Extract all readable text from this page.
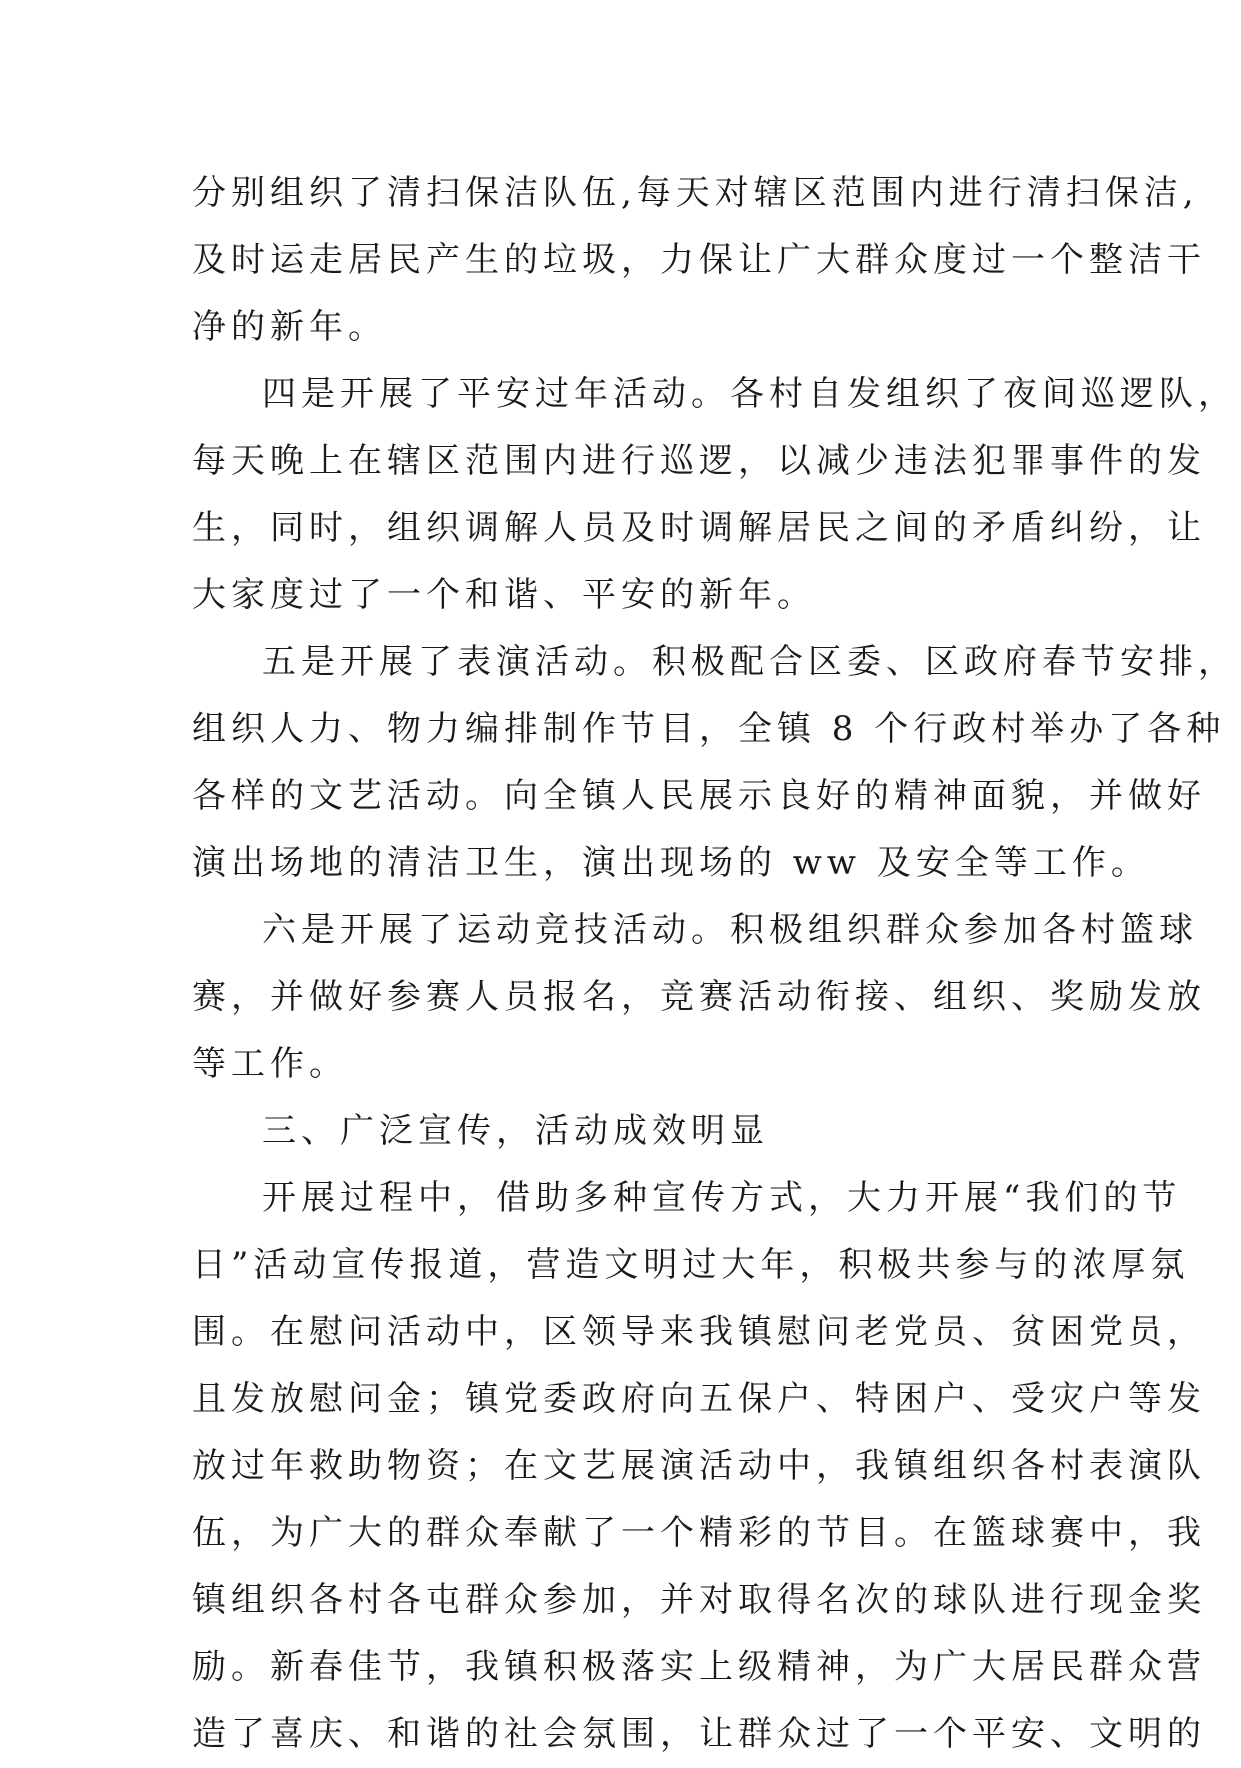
分别组织了清扫保洁队伍,每天对辖区范围内进行清扫保洁,
及时运走居民产生的垃圾，力保让广大群众度过一个整洁干
净的新年。
四是开展了平安过年活动。各村自发组织了夜间巡逻队，
每天晚上在辖区范围内进行巡逻，以减少违法犯罪事件的发
生，同时，组织调解人员及时调解居民之间的矛盾纠纷，让
大家度过了一个和谐、平安的新年。
五是开展了表演活动。积极配合区委、区政府春节安排，
组织人力、物力编排制作节目，全镇 8 个行政村举办了各种
各样的文艺活动。向全镇人民展示良好的精神面貌，并做好
演出场地的清洁卫生，演出现场的 ww 及安全等工作。
六是开展了运动竞技活动。积极组织群众参加各村篮球
赛，并做好参赛人员报名，竞赛活动衔接、组织、奖励发放
等工作。
三、广泛宣传，活动成效明显
开展过程中，借助多种宣传方式，大力开展“我们的节
日”活动宣传报道，营造文明过大年，积极共参与的浓厚氛
围。在慰问活动中，区领导来我镇慰问老党员、贫困党员，
且发放慰问金；镇党委政府向五保户、特困户、受灾户等发
放过年救助物资；在文艺展演活动中，我镇组织各村表演队
伍，为广大的群众奉献了一个精彩的节目。在篮球赛中，我
镇组织各村各屯群众参加，并对取得名次的球队进行现金奖
励。新春佳节，我镇积极落实上级精神，为广大居民群众营
造了喜庆、和谐的社会氛围，让群众过了一个平安、文明的
